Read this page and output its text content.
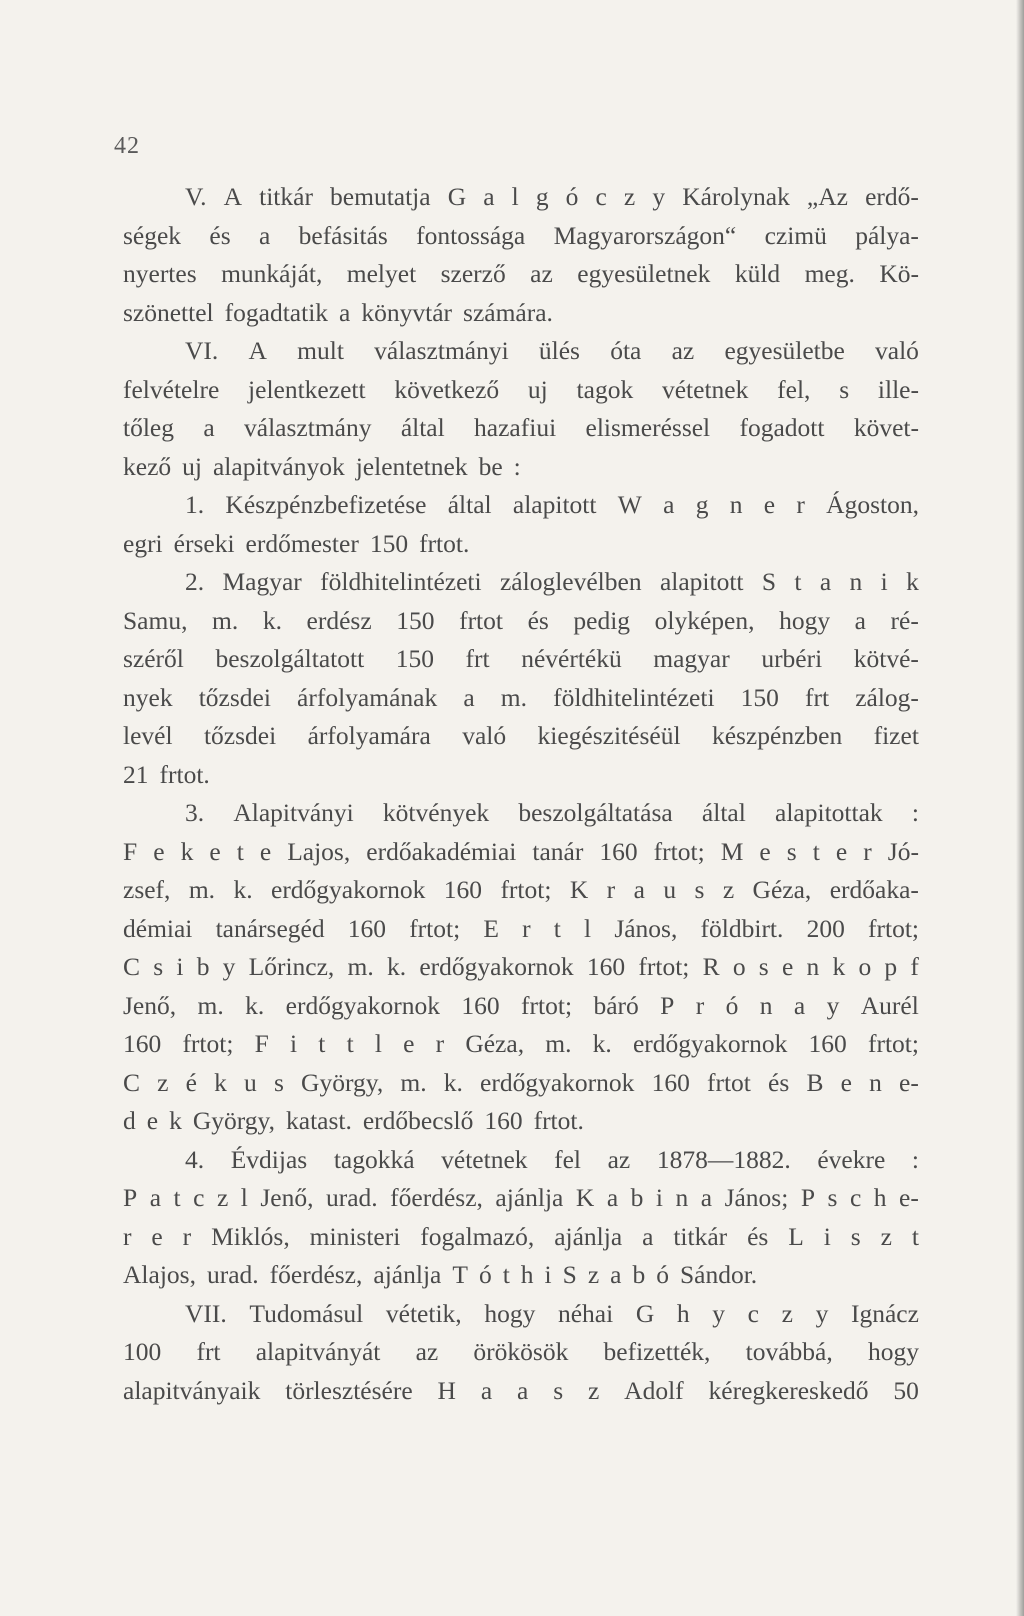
42
V. A titkár bemutatja G a l g ó c z y Károlynak „Az erdő-
ségek és a befásitás fontossága Magyarországon“ czimü pálya-
nyertes munkáját, melyet szerző az egyesületnek küld meg. Kö-
szönettel fogadtatik a könyvtár számára.
VI. A mult választmányi ülés óta az egyesületbe való
felvételre jelentkezett következő uj tagok vétetnek fel, s ille-
tőleg a választmány által hazafiui elismeréssel fogadott követ-
kező uj alapitványok jelentetnek be :
1. Készpénzbefizetése által alapitott W a g n e r Ágoston,
egri érseki erdőmester 150 frtot.
2. Magyar földhitelintézeti záloglevélben alapitott S t a n i k
Samu, m. k. erdész 150 frtot és pedig olyképen, hogy a ré-
széről beszolgáltatott 150 frt névértékü magyar urbéri kötvé-
nyek tőzsdei árfolyamának a m. földhitelintézeti 150 frt zálog-
levél tőzsdei árfolyamára való kiegészitéséül készpénzben fizet
21 frtot.
3. Alapitványi kötvények beszolgáltatása által alapitottak :
F e k e t e Lajos, erdőakadémiai tanár 160 frtot; M e s t e r Jó-
zsef, m. k. erdőgyakornok 160 frtot; K r a u s z Géza, erdőaka-
démiai tanársegéd 160 frtot; E r t l János, földbirt. 200 frtot;
C s i b y Lőrincz, m. k. erdőgyakornok 160 frtot; R o s e n k o p f
Jenő, m. k. erdőgyakornok 160 frtot; báró P r ó n a y Aurél
160 frtot; F i t t l e r Géza, m. k. erdőgyakornok 160 frtot;
C z é k u s György, m. k. erdőgyakornok 160 frtot és B e n e-
d e k György, katast. erdőbecslő 160 frtot.
4. Évdijas tagokká vétetnek fel az 1878—1882. évekre :
P a t c z l Jenő, urad. főerdész, ajánlja K a b i n a János; P s c h e-
r e r Miklós, ministeri fogalmazó, ajánlja a titkár és L i s z t
Alajos, urad. főerdész, ajánlja T ó t h i S z a b ó Sándor.
VII. Tudomásul vétetik, hogy néhai G h y c z y Ignácz
100 frt alapitványát az örökösök befizették, továbbá, hogy
alapitványaik törlesztésére H a a s z Adolf kéregkereskedő 50
